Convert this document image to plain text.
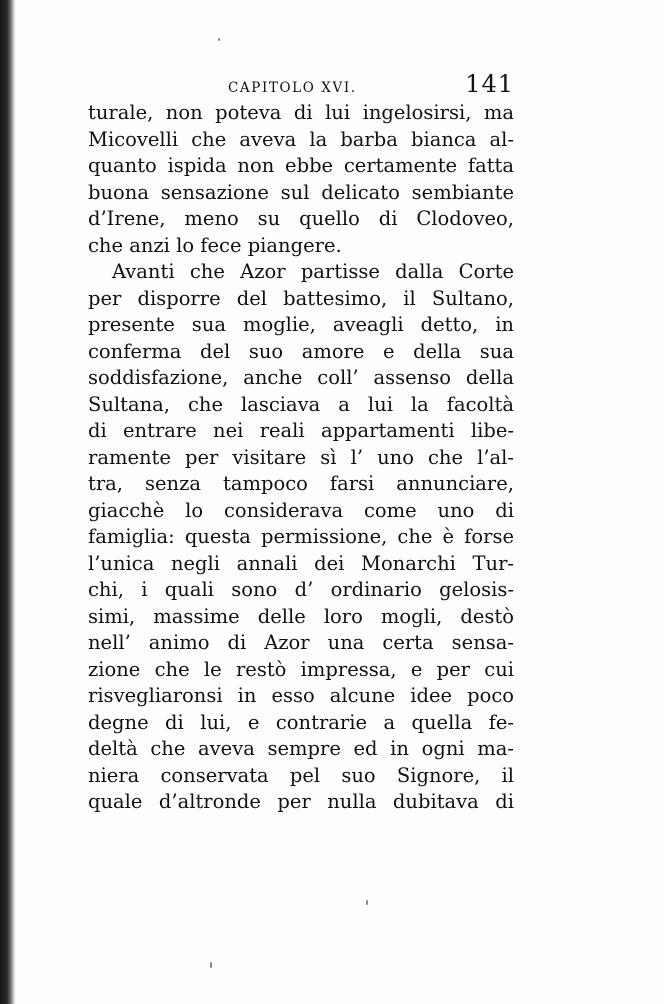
CAPITOLO XVI.	141
turale, non poteva di lui ingelosirsi, ma
Micovelli che aveva la barba bianca al-
quanto ispida non ebbe certamente fatta
buona sensazione sul delicato sembiante
d’Irene, meno su quello di Clodoveo,
che anzi lo fece piangere.
Avanti che Azor partisse dalla Corte
per disporre del battesimo, il Sultano,
presente sua moglie, aveagli detto, in
conferma del suo amore e della sua
soddisfazione, anche coll’ assenso della
Sultana, che lasciava a lui la facoltà
di entrare nei reali appartamenti libe-
ramente per visitare sì l’ uno che l’al-
tra, senza tampoco farsi annunciare,
giacchè lo considerava come uno di
famiglia: questa permissione, che è forse
l’unica negli annali dei Monarchi Tur-
chi, i quali sono d’ ordinario gelosis-
simi, massime delle loro mogli, destò
nell’ animo di Azor una certa sensa-
zione che le restò impressa, e per cui
risvegliaronsi in esso alcune idee poco
degne di lui, e contrarie a quella fe-
deltà che aveva sempre ed in ogni ma-
niera conservata pel suo Signore, il
quale d’altronde per nulla dubitava di
